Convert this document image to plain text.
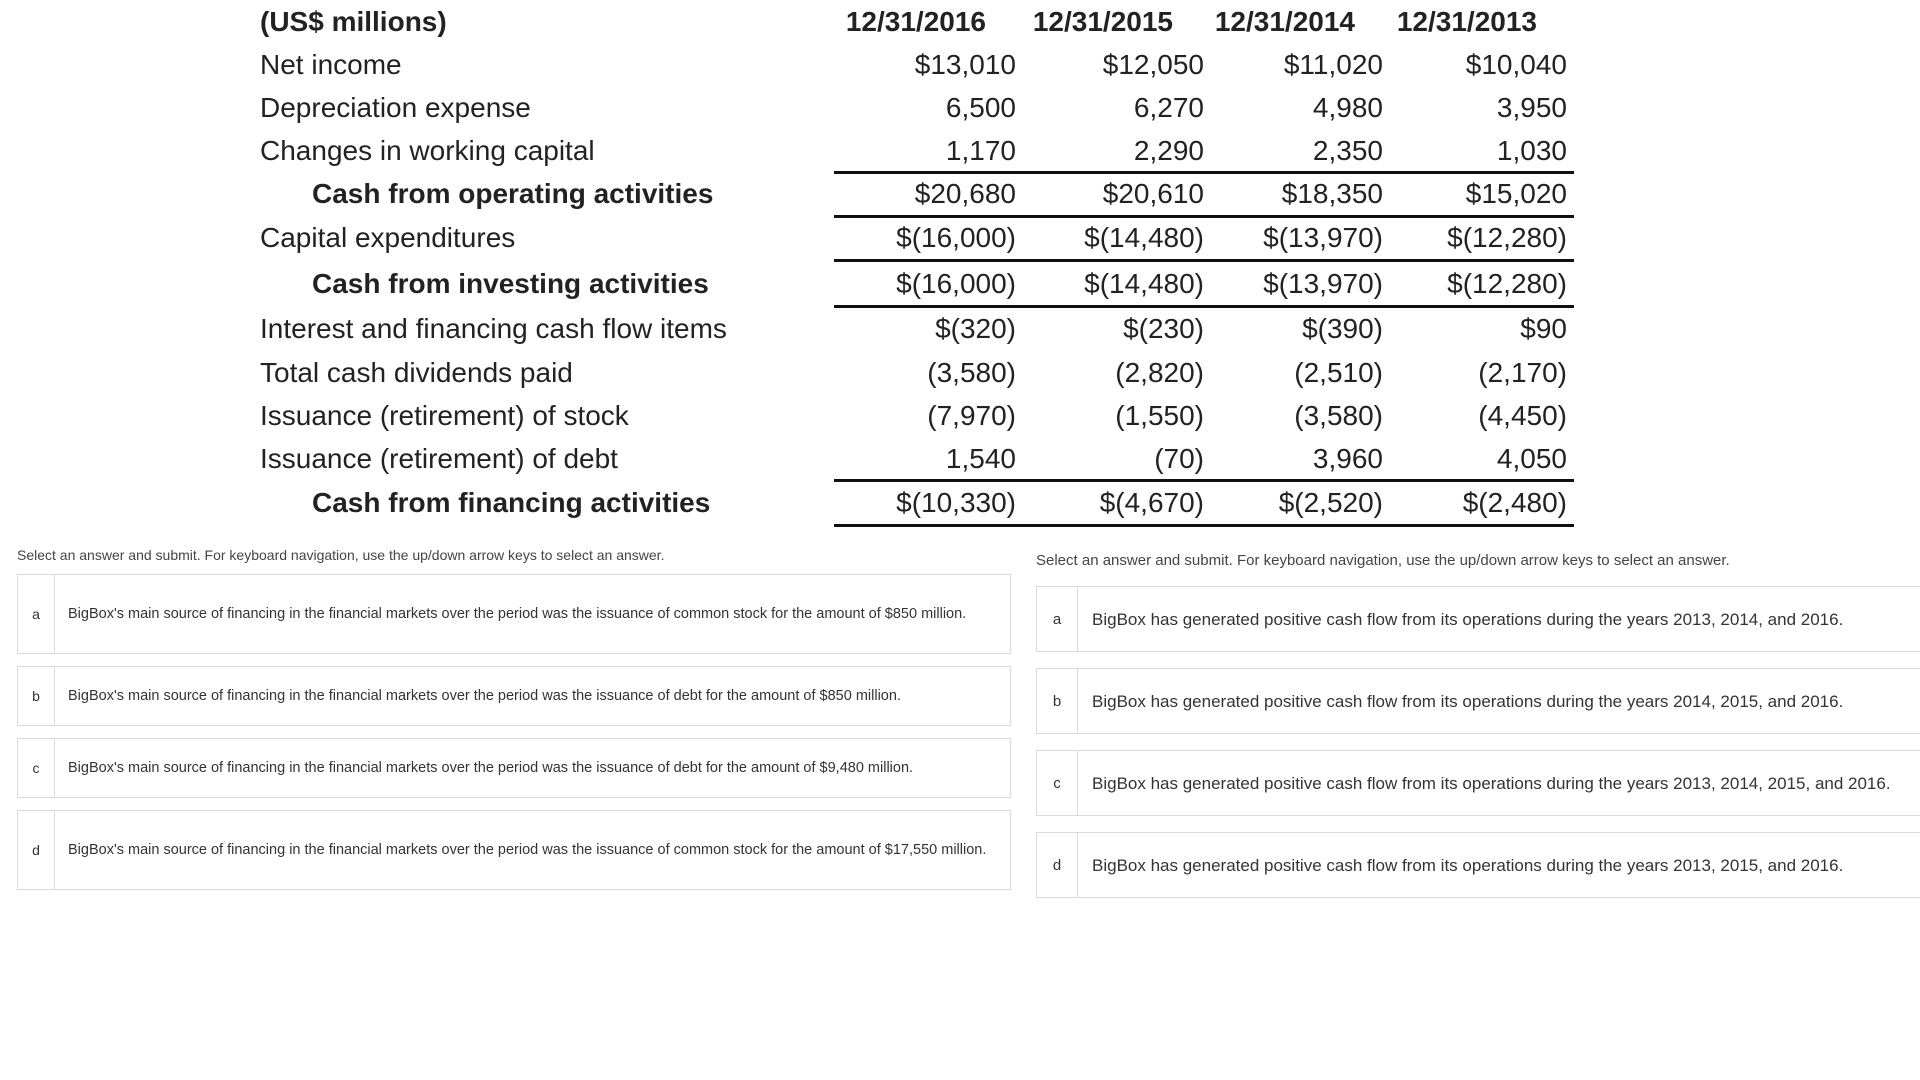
(US$ millions)	12/31/2016	12/31/2015	12/31/2014	12/31/2013
Net income	$13,010	$12,050	$11,020	$10,040
Depreciation expense	6,500	6,270	4,980	3,950
Changes in working capital	1,170	2,290	2,350	1,030
Cash from operating activities	$20,680	$20,610	$18,350	$15,020
Capital expenditures	$(16,000)	$(14,480)	$(13,970)	$(12,280)
Cash from investing activities	$(16,000)	$(14,480)	$(13,970)	$(12,280)
Interest and financing cash flow items	$(320)	$(230)	$(390)	$90
Total cash dividends paid	(3,580)	(2,820)	(2,510)	(2,170)
Issuance (retirement) of stock	(7,970)	(1,550)	(3,580)	(4,450)
Issuance (retirement) of debt	1,540	(70)	3,960	4,050
Cash from financing activities	$(10,330)	$(4,670)	$(2,520)	$(2,480)

Select an answer and submit. For keyboard navigation, use the up/down arrow keys to select an answer.

a	BigBox's main source of financing in the financial markets over the period was the issuance of common stock for the amount of $850 million.
b	BigBox's main source of financing in the financial markets over the period was the issuance of debt for the amount of $850 million.
c	BigBox's main source of financing in the financial markets over the period was the issuance of debt for the amount of $9,480 million.
d	BigBox's main source of financing in the financial markets over the period was the issuance of common stock for the amount of $17,550 million.

Select an answer and submit. For keyboard navigation, use the up/down arrow keys to select an answer.

a	BigBox has generated positive cash flow from its operations during the years 2013, 2014, and 2016.
b	BigBox has generated positive cash flow from its operations during the years 2014, 2015, and 2016.
c	BigBox has generated positive cash flow from its operations during the years 2013, 2014, 2015, and 2016.
d	BigBox has generated positive cash flow from its operations during the years 2013, 2015, and 2016.
